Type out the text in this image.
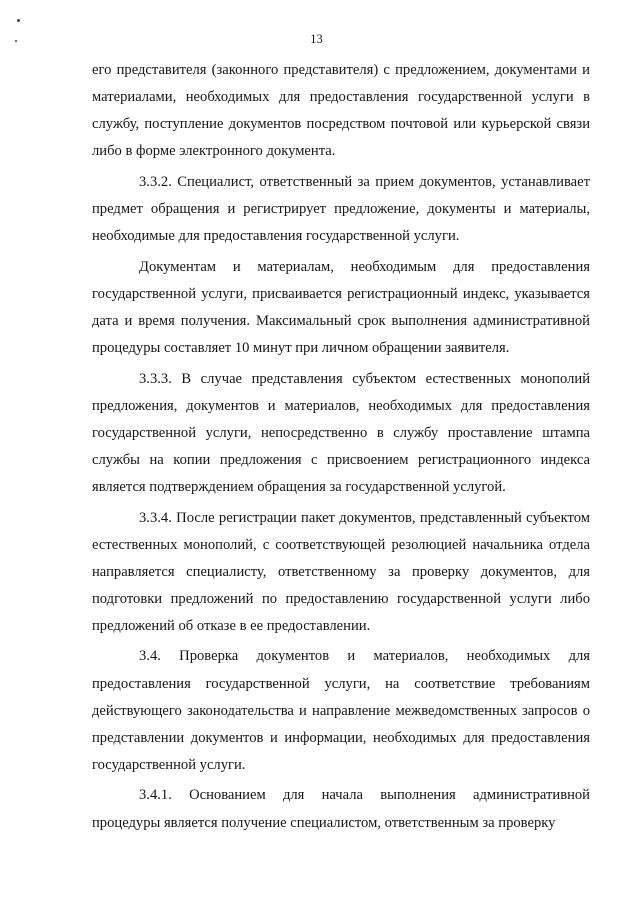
13

его представителя (законного представителя) с предложением, документами и материалами, необходимых для предоставления государственной услуги в службу, поступление документов посредством почтовой или курьерской связи либо в форме электронного документа.

3.3.2. Специалист, ответственный за прием документов, устанавливает предмет обращения и регистрирует предложение, документы и материалы, необходимые для предоставления государственной услуги.

Документам и материалам, необходимым для предоставления государственной услуги, присваивается регистрационный индекс, указывается дата и время получения. Максимальный срок выполнения административной процедуры составляет 10 минут при личном обращении заявителя.

3.3.3. В случае представления субъектом естественных монополий предложения, документов и материалов, необходимых для предоставления государственной услуги, непосредственно в службу проставление штампа службы на копии предложения с присвоением регистрационного индекса является подтверждением обращения за государственной услугой.

3.3.4. После регистрации пакет документов, представленный субъектом естественных монополий, с соответствующей резолюцией начальника отдела направляется специалисту, ответственному за проверку документов, для подготовки предложений по предоставлению государственной услуги либо предложений об отказе в ее предоставлении.

3.4. Проверка документов и материалов, необходимых для предоставления государственной услуги, на соответствие требованиям действующего законодательства и направление межведомственных запросов о представлении документов и информации, необходимых для предоставления государственной услуги.

3.4.1. Основанием для начала выполнения административной процедуры является получение специалистом, ответственным за проверку
